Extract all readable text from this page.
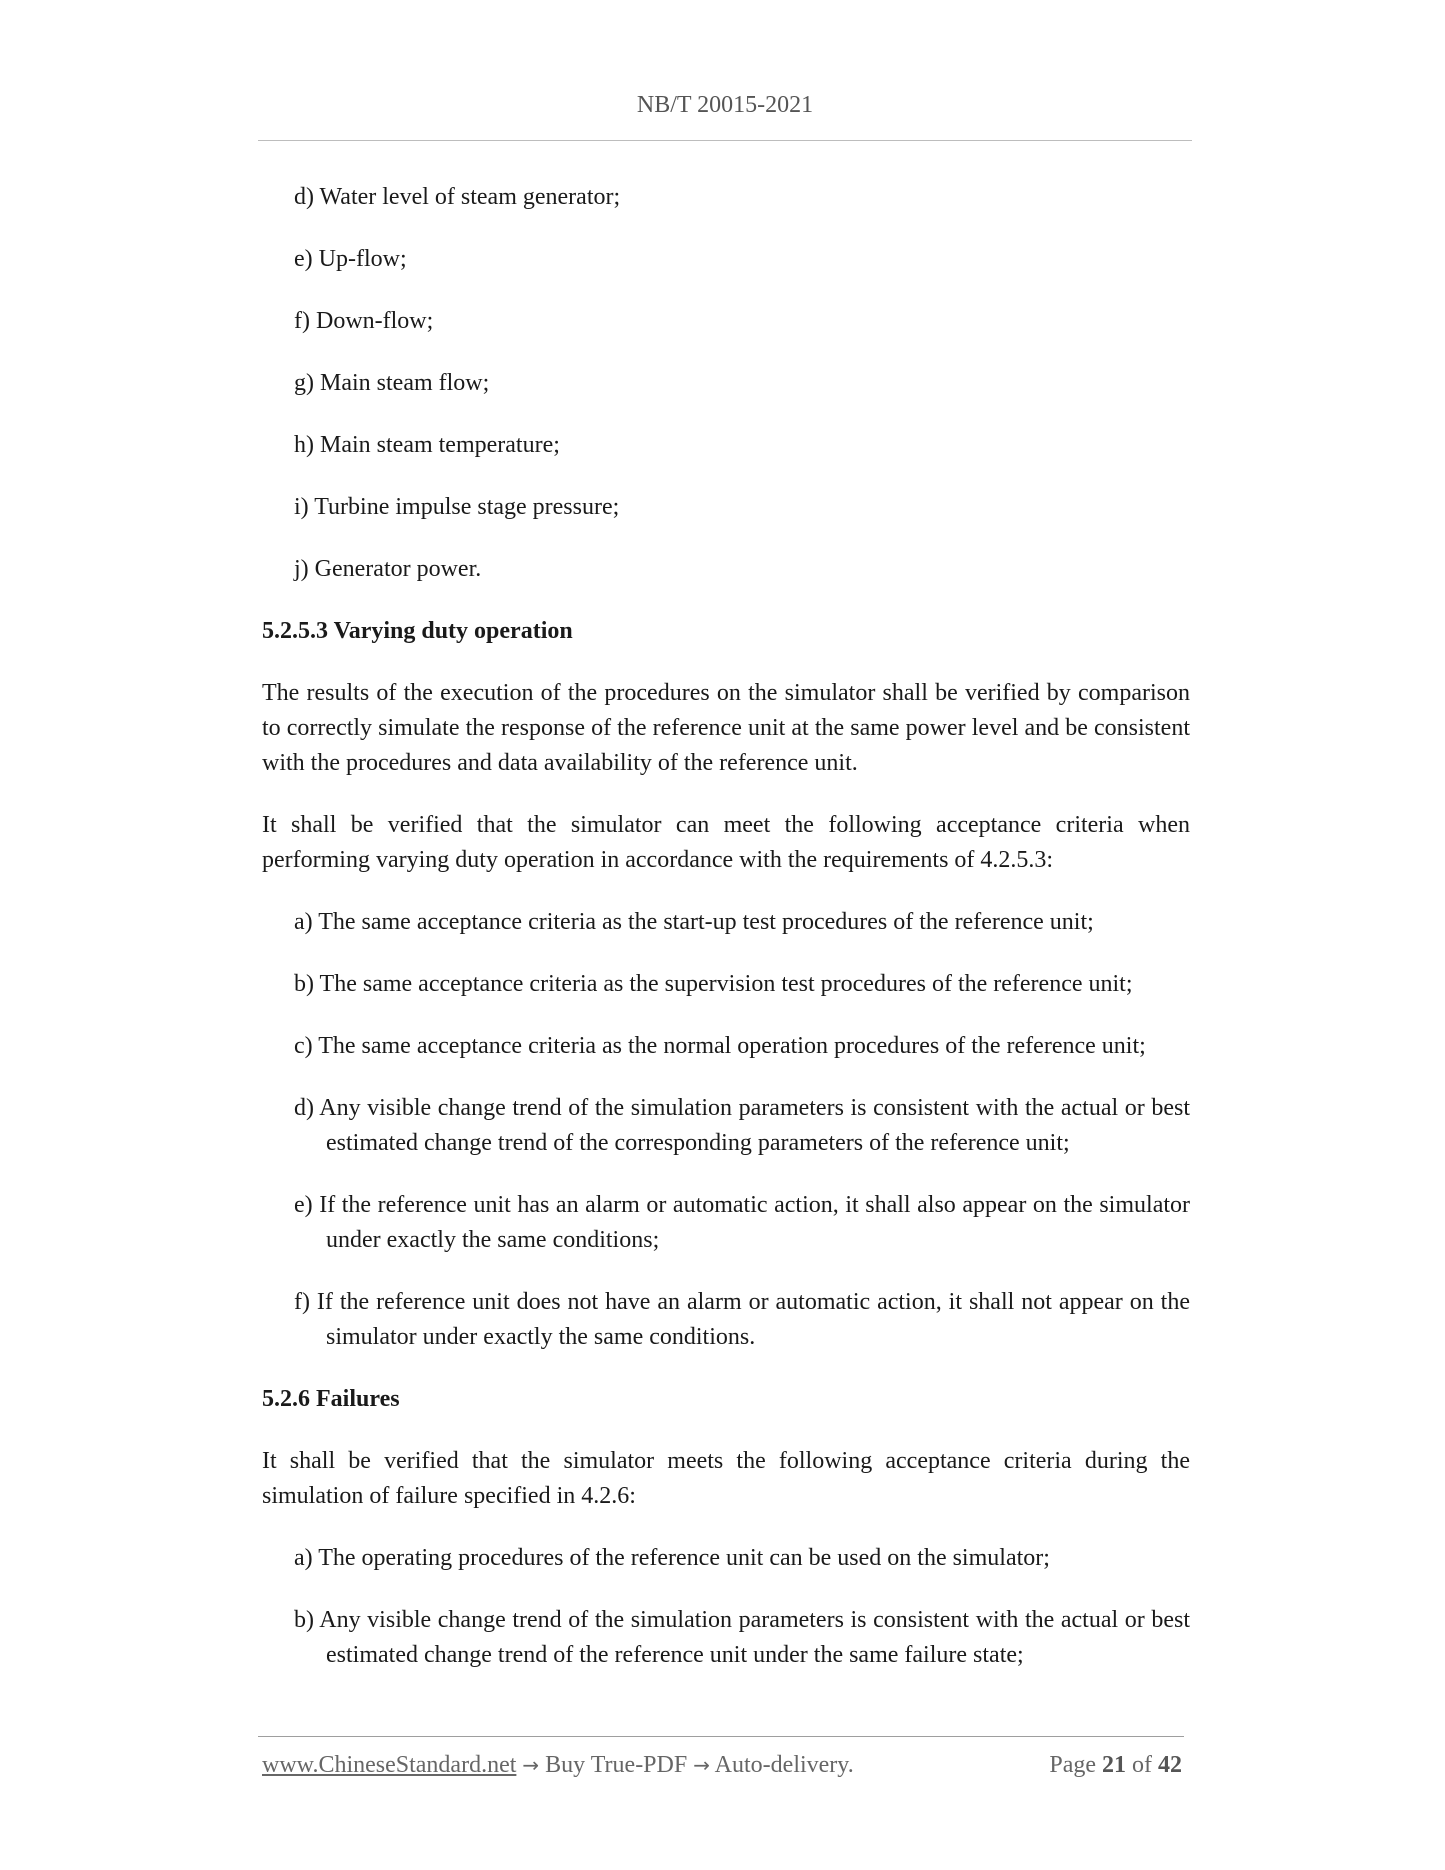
NB/T 20015-2021
d) Water level of steam generator;
e) Up-flow;
f) Down-flow;
g) Main steam flow;
h) Main steam temperature;
i) Turbine impulse stage pressure;
j) Generator power.
5.2.5.3 Varying duty operation
The results of the execution of the procedures on the simulator shall be verified by comparison to correctly simulate the response of the reference unit at the same power level and be consistent with the procedures and data availability of the reference unit.
It shall be verified that the simulator can meet the following acceptance criteria when performing varying duty operation in accordance with the requirements of 4.2.5.3:
a) The same acceptance criteria as the start-up test procedures of the reference unit;
b) The same acceptance criteria as the supervision test procedures of the reference unit;
c) The same acceptance criteria as the normal operation procedures of the reference unit;
d) Any visible change trend of the simulation parameters is consistent with the actual or best estimated change trend of the corresponding parameters of the reference unit;
e) If the reference unit has an alarm or automatic action, it shall also appear on the simulator under exactly the same conditions;
f) If the reference unit does not have an alarm or automatic action, it shall not appear on the simulator under exactly the same conditions.
5.2.6 Failures
It shall be verified that the simulator meets the following acceptance criteria during the simulation of failure specified in 4.2.6:
a) The operating procedures of the reference unit can be used on the simulator;
b) Any visible change trend of the simulation parameters is consistent with the actual or best estimated change trend of the reference unit under the same failure state;
www.ChineseStandard.net → Buy True-PDF → Auto-delivery.	Page 21 of 42
